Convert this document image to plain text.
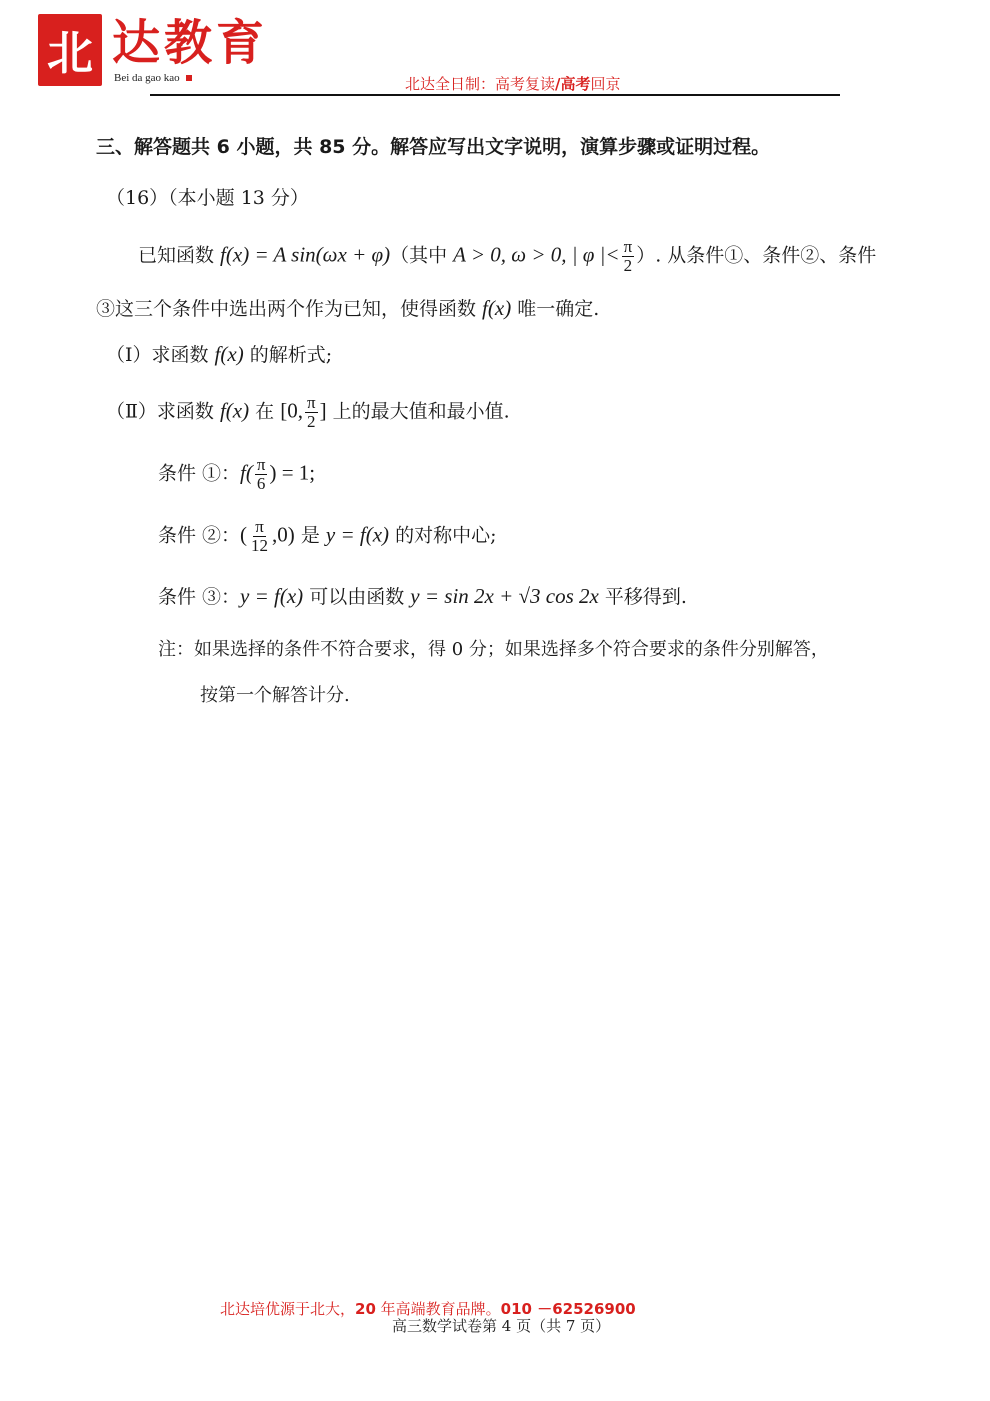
北 达教育
Bei da gao kao	北达全日制：高考复读/高考回京
三、解答题共 6 小题，共 85 分。解答应写出文字说明，演算步骤或证明过程。
（16）（本小题 13 分）
已知函数 f(x) = A sin(ωx + φ)（其中 A > 0, ω > 0, | φ |< $\frac{\pi}{2}$ ）. 从条件①、条件②、条件
③这三个条件中选出两个作为已知，使得函数 f(x) 唯一确定.
（Ⅰ）求函数 f(x) 的解析式;
（Ⅱ）求函数 f(x) 在 [0, $\frac{\pi}{2}$ ] 上的最大值和最小值.
条件 ①：$f( \frac{\pi}{6}$ ) = 1;
条件 ②：( $\frac{\pi}{12} ,0$) 是 y = f(x) 的对称中心;
条件 ③：y = f(x) 可以由函数 y = sin 2x + √3 cos 2x 平移得到.
注：如果选择的条件不符合要求，得 0 分；如果选择多个符合要求的条件分别解答，
按第一个解答计分.
北达培优源于北大，20 年高端教育品牌。010 －62526900
高三数学试卷第 4 页（共 7 页）
